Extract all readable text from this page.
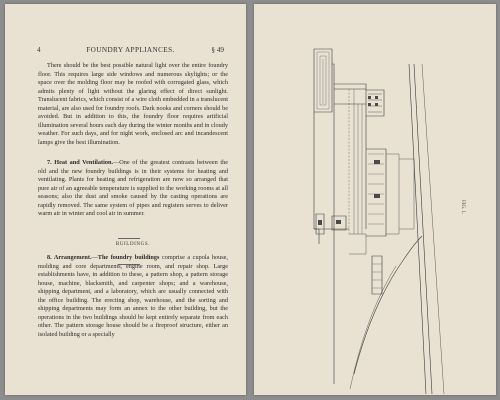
4	FOUNDRY APPLIANCES.	§ 49

There should be the best possible natural light over the entire foundry floor. This requires large side windows and numerous skylights; or the space over the molding floor may be roofed with corrugated glass, which admits plenty of light without the glaring effect of direct sunlight. Translucent fabrics, which consist of a wire cloth embedded in a translucent material, are also used for foundry roofs. Dark nooks and corners should be avoided. But in addition to this, the foundry floor requires artificial illumination several hours each day during the winter months and in cloudy weather. For such days, and for night work, enclosed arc and incandescent lamps give the best illumination.

7. Heat and Ventilation.—One of the greatest contrasts between the old and the new foundry buildings is in their systems for heating and ventilating. Plants for heating and refrigeration are now so arranged that pure air of an agreeable temperature is supplied to the working rooms at all seasons; also the dust and smoke caused by the casting operations are rapidly removed. The same system of pipes and registers serves to deliver warm air in winter and cool air in summer.

BUILDINGS.

8. Arrangement.—The foundry buildings comprise a cupola house, molding and core departments, engine room, and repair shop. Large establishments have, in addition to these, a pattern shop, a pattern storage house, machine, blacksmith, and carpenter shops; and a warehouse, shipping department, and a laboratory, which are usually connected with the office building. The erecting shop, warehouse, and the sorting and shipping departments may form an annex to the other building, but the operations in the two buildings should be kept entirely separate from each other. The pattern storage house should be a fireproof structure, either an isolated building or a specially

FIG. 1.
